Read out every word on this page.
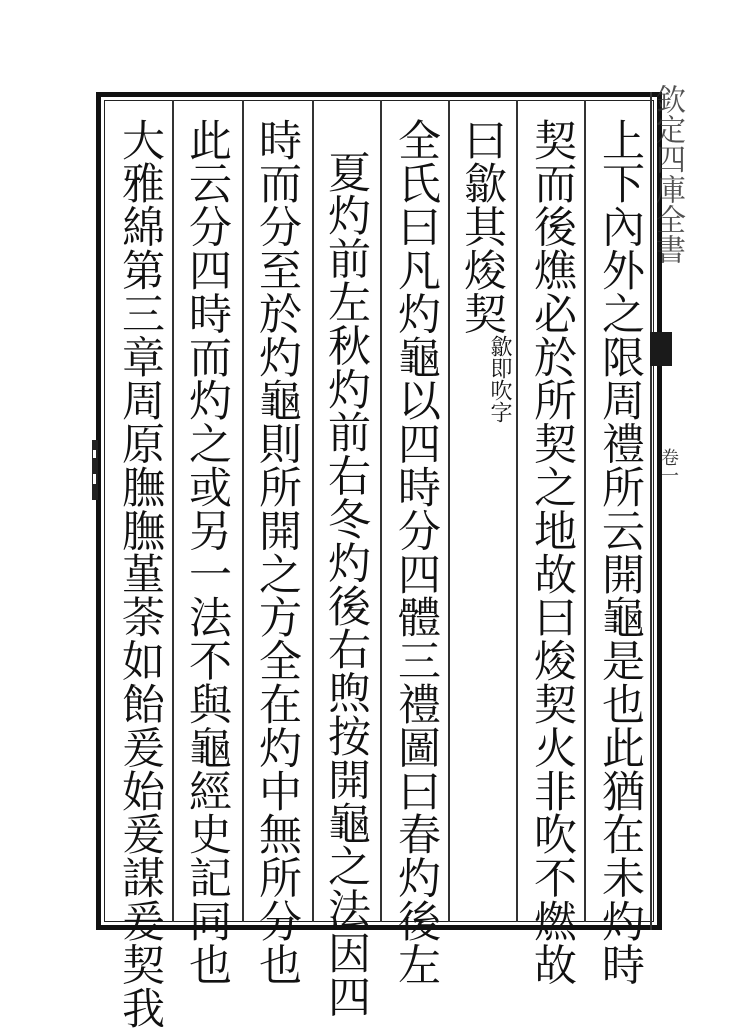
上下內外之限周禮所云開龜是也此猶在未灼時
契而後燋必於所契之地故曰焌契火非吹不燃故
曰歙其焌契歙即吹字
全氏曰凡灼龜以四時分四體三禮圖曰春灼後左
夏灼前左秋灼前右冬灼後右煦按開龜之法因四
時而分至於灼龜則所開之方全在灼中無所分也
此云分四時而灼之或另一法不與龜經史記同也
大雅綿第三章周原膴膴堇荼如飴爰始爰謀爰契我	欽定四庫全書
卷一
